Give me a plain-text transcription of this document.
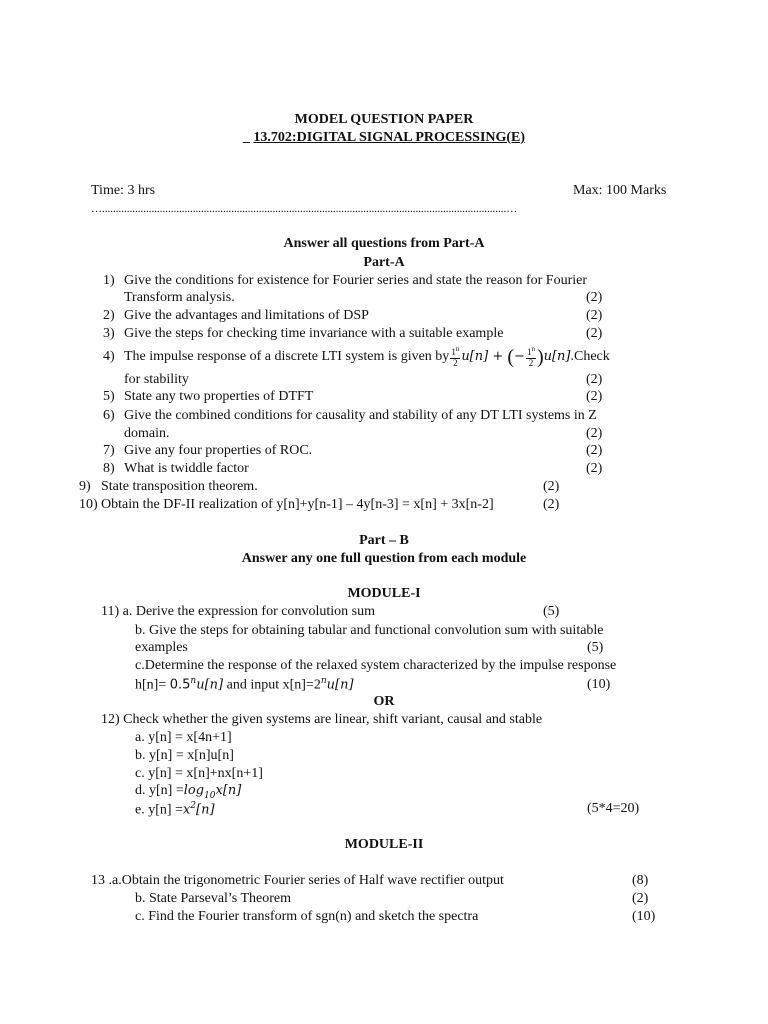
MODEL QUESTION PAPER
_ 13.702:DIGITAL SIGNAL PROCESSING(E)
Time: 3 hrs	Max: 100 Marks
…...................................................................................................................................................…
Answer all questions from Part-A
Part-A
1) Give the conditions for existence for Fourier series and state the reason for Fourier
Transform analysis.	(2)
2) Give the advantages and limitations of DSP	(2)
3) Give the steps for checking time invariance with a suitable example	(2)
4) The impulse response of a discrete LTI system is given by $\frac{1^n}{2} u[n]$ + (− $\frac{1^n}{2}$ )u[n].Check
for stability	(2)
5) State any two properties of DTFT	(2)
6) Give the combined conditions for causality and stability of any DT LTI systems in Z
domain.	(2)
7) Give any four properties of ROC.	(2)
8) What is twiddle factor	(2)
9) State transposition theorem.	(2)
10) Obtain the DF-II realization of y[n]+y[n-1] – 4y[n-3] = x[n] + 3x[n-2]	(2)
Part – B
Answer any one full question from each module
MODULE-I
11) a. Derive the expression for convolution sum	(5)
b. Give the steps for obtaining tabular and functional convolution sum with suitable
examples	(5)
c.Determine the response of the relaxed system characterized by the impulse response
$h[n]= 0.5^nu[n]$ and input $x[n]=2^nu[n]$	(10)
OR
12) Check whether the given systems are linear, shift variant, causal and stable
a. y[n] = x[4n+1]
b. y[n] = x[n]u[n]
c. y[n] = x[n]+nx[n+1]
d. $y[n] =\log_{10}x[n]$
e. $y[n] =x^2[n]$	(5*4=20)
MODULE-II
13 .a.Obtain the trigonometric Fourier series of Half wave rectifier output	(8)
b. State Parseval’s Theorem	(2)
c. Find the Fourier transform of sgn(n) and sketch the spectra	(10)
